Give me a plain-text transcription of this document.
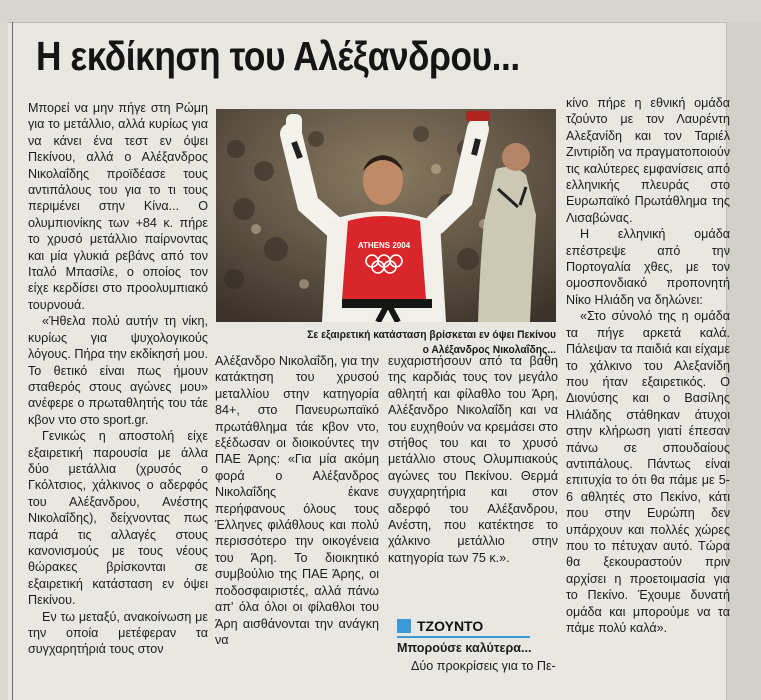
Η εκδίκηση του Αλέξανδρου...

Μπορεί να μην πήγε στη Ρώμη για το μετάλλιο, αλλά κυρίως για να κάνει ένα τεστ εν όψει Πεκίνου, αλλά ο Αλέξανδρος Νικολαΐδης προϊδέασε τους αντιπάλους του για το τι τους περιμένει στην Κίνα... Ο ολυμπιονίκης των +84 κ. πήρε το χρυσό μετάλλιο παίρνοντας και μία γλυκιά ρεβάνς από τον Ιταλό Μπασίλε, ο οποίος τον είχε κερδίσει στο προολυμπιακό τουρνουά.

«Ήθελα πολύ αυτήν τη νίκη, κυρίως για ψυχολογικούς λόγους. Πήρα την εκδίκησή μου. Το θετικό είναι πως ήμουν σταθερός στους αγώνες μου» ανέφερε ο πρωταθλητής του τάε κβον ντο στο sport.gr.

Γενικώς η αποστολή είχε εξαιρετική παρουσία με άλλα δύο μετάλλια (χρυσός ο Γκόλτσιος, χάλκινος ο αδερφός του Αλέξανδρου, Ανέστης Νικολαΐδης), δείχνοντας πως παρά τις αλλαγές στους κανονισμούς με τους νέους θώρακες βρίσκονται σε εξαιρετική κατάσταση εν όψει Πεκίνου.

Εν τω μεταξύ, ανακοίνωση με την οποία μετέφεραν τα συγχαρητήριά τους στον

ATHENS 2004

Σε εξαιρετική κατάσταση βρίσκεται εν όψει Πεκίνου
ο Αλέξανδρος Νικολαΐδης...

Αλέξανδρο Νικολαΐδη, για την κατάκτηση του χρυσού μεταλλίου στην κατηγορία 84+, στο Πανευρωπαϊκό πρωτάθλημα τάε κβον ντο, εξέδωσαν οι διοικούντες την ΠΑΕ Άρης: «Για μία ακόμη φορά ο Αλέξανδρος Νικολαΐδης έκανε περήφανους όλους τους Έλληνες φιλάθλους και πολύ περισσότερο την οικογένεια του Άρη. Το διοικητικό συμβούλιο της ΠΑΕ Άρης, οι ποδοσφαιριστές, αλλά πάνω απ' όλα όλοι οι φίλαθλοι του Άρη αισθάνονται την ανάγκη να

ευχαριστήσουν από τα βάθη της καρδιάς τους τον μεγάλο αθλητή και φίλαθλο του Άρη, Αλέξανδρο Νικολαΐδη και να του ευχηθούν να κρεμάσει στο στήθος του και το χρυσό μετάλλιο στους Ολυμπιακούς αγώνες του Πεκίνου. Θερμά συγχαρητήρια και στον αδερφό του Αλέξανδρου, Ανέστη, που κατέκτησε το χάλκινο μετάλλιο στην κατηγορία των 75 κ.».

ΤΖΟΥΝΤΟ

Μπορούσε καλύτερα...

Δύο προκρίσεις για το Πε-

κίνο πήρε η εθνική ομάδα τζούντο με τον Λαυρέντη Αλεξανίδη και τον Ταριέλ Ζιντιρίδη να πραγματοποιούν τις καλύτερες εμφανίσεις από ελληνικής πλευράς στο Ευρωπαϊκό Πρωτάθλημα της Λισαβώνας.

Η ελληνική ομάδα επέστρεψε από την Πορτογαλία χθες, με τον ομοσπονδιακό προπονητή Νίκο Ηλιάδη να δηλώνει:

«Στο σύνολό της η ομάδα τα πήγε αρκετά καλά. Πάλεψαν τα παιδιά και είχαμε το χάλκινο του Αλεξανίδη που ήταν εξαιρετικός. Ο Διονύσης και ο Βασίλης Ηλιάδης στάθηκαν άτυχοι στην κλήρωση γιατί έπεσαν πάνω σε σπουδαίους αντιπάλους. Πάντως είναι επιτυχία το ότι θα πάμε με 5-6 αθλητές στο Πεκίνο, κάτι που στην Ευρώπη δεν υπάρχουν και πολλές χώρες που το πέτυχαν αυτό. Τώρα θα ξεκουραστούν πριν αρχίσει η προετοιμασία για το Πεκίνο. Έχουμε δυνατή ομάδα και μπορούμε να τα πάμε πολύ καλά».
